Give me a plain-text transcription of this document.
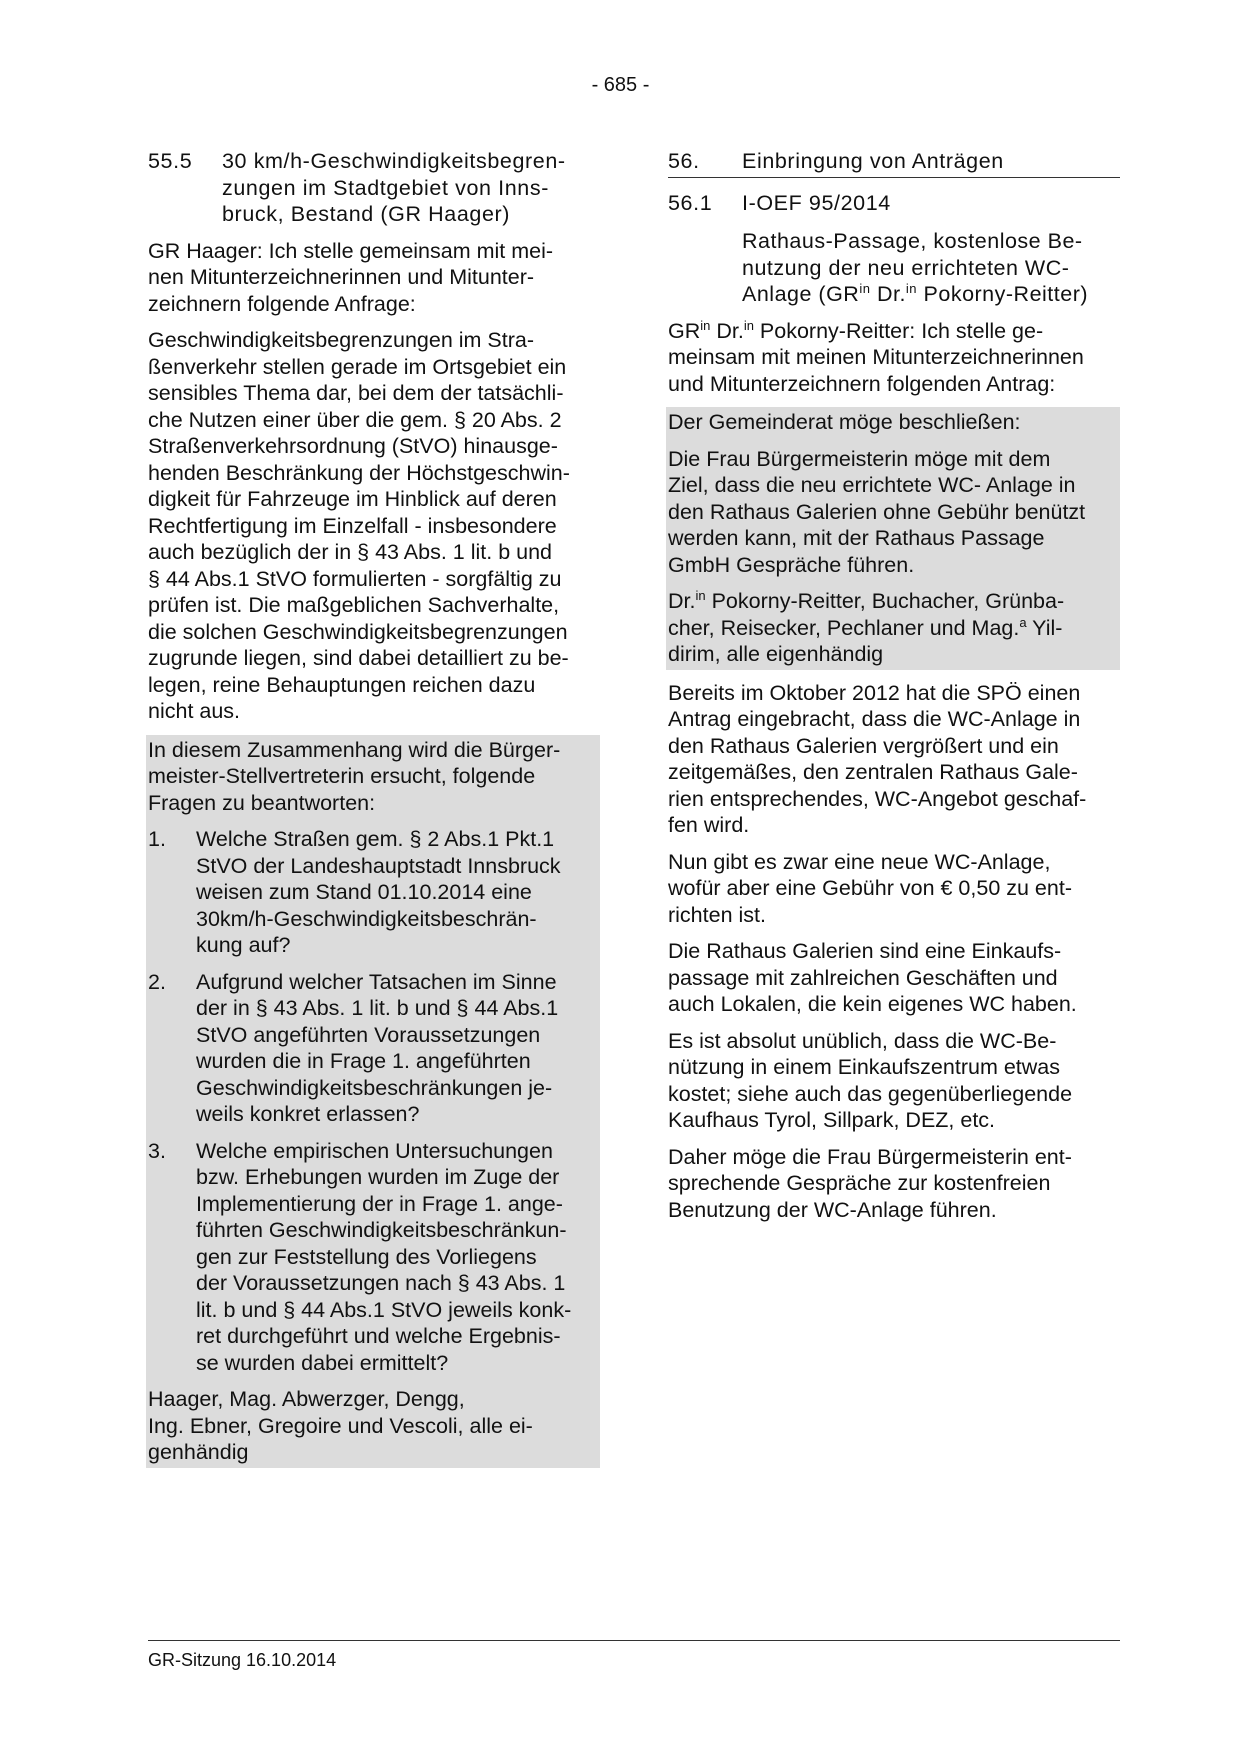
- 685 -
55.5	30 km/h-Geschwindigkeitsbegren-
zungen im Stadtgebiet von Inns-
bruck, Bestand (GR Haager)
GR Haager: Ich stelle gemeinsam mit mei-
nen Mitunterzeichnerinnen und Mitunter-
zeichnern folgende Anfrage:
Geschwindigkeitsbegrenzungen im Stra-
ßenverkehr stellen gerade im Ortsgebiet ein
sensibles Thema dar, bei dem der tatsächli-
che Nutzen einer über die gem. § 20 Abs. 2
Straßenverkehrsordnung (StVO) hinausge-
henden Beschränkung der Höchstgeschwin-
digkeit für Fahrzeuge im Hinblick auf deren
Rechtfertigung im Einzelfall - insbesondere
auch bezüglich der in § 43 Abs. 1 lit. b und
§ 44 Abs.1 StVO formulierten - sorgfältig zu
prüfen ist. Die maßgeblichen Sachverhalte,
die solchen Geschwindigkeitsbegrenzungen
zugrunde liegen, sind dabei detailliert zu be-
legen, reine Behauptungen reichen dazu
nicht aus.
In diesem Zusammenhang wird die Bürger-
meister-Stellvertreterin ersucht, folgende
Fragen zu beantworten:
1.	Welche Straßen gem. § 2 Abs.1 Pkt.1
StVO der Landeshauptstadt Innsbruck
weisen zum Stand 01.10.2014 eine
30km/h-Geschwindigkeitsbeschrän-
kung auf?
2.	Aufgrund welcher Tatsachen im Sinne
der in § 43 Abs. 1 lit. b und § 44 Abs.1
StVO angeführten Voraussetzungen
wurden die in Frage 1. angeführten
Geschwindigkeitsbeschränkungen je-
weils konkret erlassen?
3.	Welche empirischen Untersuchungen
bzw. Erhebungen wurden im Zuge der
Implementierung der in Frage 1. ange-
führten Geschwindigkeitsbeschränkun-
gen zur Feststellung des Vorliegens
der Voraussetzungen nach § 43 Abs. 1
lit. b und § 44 Abs.1 StVO jeweils konk-
ret durchgeführt und welche Ergebnis-
se wurden dabei ermittelt?
Haager, Mag. Abwerzger, Dengg,
Ing. Ebner, Gregoire und Vescoli, alle ei-
genhändig
56.	Einbringung von Anträgen
56.1	I-OEF 95/2014
Rathaus-Passage, kostenlose Be-
nutzung der neu errichteten WC-
Anlage ($GR^{in}$ Dr.$^{in}$ Pokorny-Reitter)
$GR^{in}$ Dr.$^{in}$ Pokorny-Reitter: Ich stelle ge-
meinsam mit meinen Mitunterzeichnerinnen
und Mitunterzeichnern folgenden Antrag:
Der Gemeinderat möge beschließen:
Die Frau Bürgermeisterin möge mit dem
Ziel, dass die neu errichtete WC- Anlage in
den Rathaus Galerien ohne Gebühr benützt
werden kann, mit der Rathaus Passage
GmbH Gespräche führen.
Dr.$^{in}$ Pokorny-Reitter, Buchacher, Grünba-
cher, Reisecker, Pechlaner und Mag.$^a$ Yil-
dirim, alle eigenhändig
Bereits im Oktober 2012 hat die SPÖ einen
Antrag eingebracht, dass die WC-Anlage in
den Rathaus Galerien vergrößert und ein
zeitgemäßes, den zentralen Rathaus Gale-
rien entsprechendes, WC-Angebot geschaf-
fen wird.
Nun gibt es zwar eine neue WC-Anlage,
wofür aber eine Gebühr von € 0,50 zu ent-
richten ist.
Die Rathaus Galerien sind eine Einkaufs-
passage mit zahlreichen Geschäften und
auch Lokalen, die kein eigenes WC haben.
Es ist absolut unüblich, dass die WC-Be-
nützung in einem Einkaufszentrum etwas
kostet; siehe auch das gegenüberliegende
Kaufhaus Tyrol, Sillpark, DEZ, etc.
Daher möge die Frau Bürgermeisterin ent-
sprechende Gespräche zur kostenfreien
Benutzung der WC-Anlage führen.
GR-Sitzung 16.10.2014
